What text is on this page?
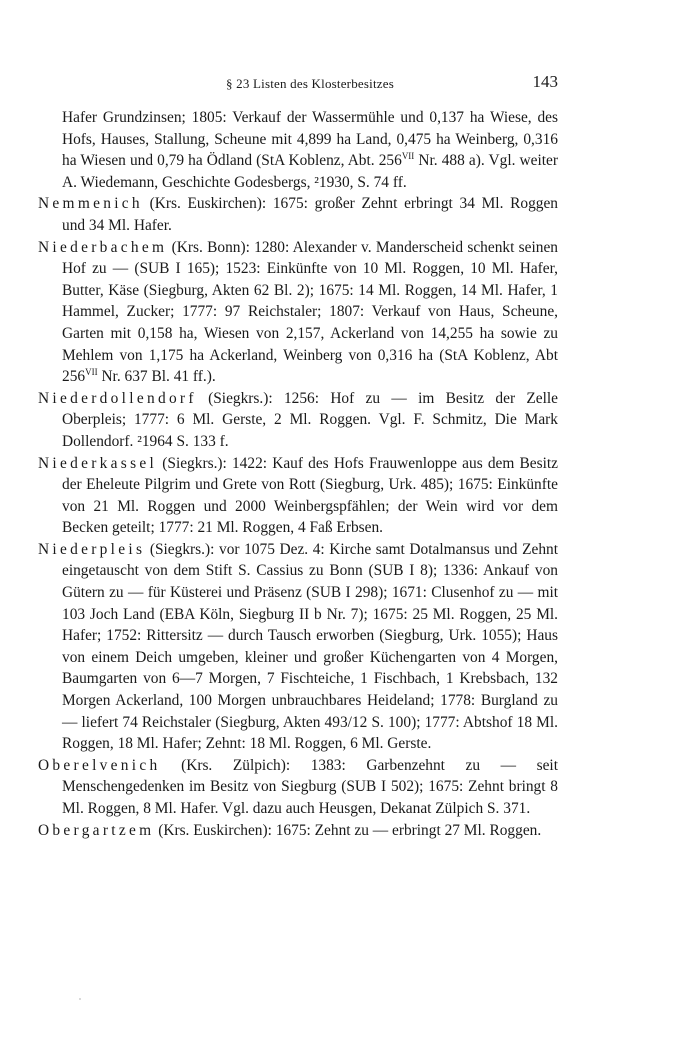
§ 23 Listen des Klosterbesitzes	143

Hafer Grundzinsen; 1805: Verkauf der Wassermühle und 0,137 ha Wiese, des Hofs, Hauses, Stallung, Scheune mit 4,899 ha Land, 0,475 ha Weinberg, 0,316 ha Wiesen und 0,79 ha Ödland (StA Koblenz, Abt. $256^{VII}$ Nr. 488 a). Vgl. weiter A. Wiedemann, Geschichte Godesbergs, ²1930, S. 74 ff.

Nemmenich (Krs. Euskirchen): 1675: großer Zehnt erbringt 34 Ml. Roggen und 34 Ml. Hafer.

Niederbachem (Krs. Bonn): 1280: Alexander v. Manderscheid schenkt seinen Hof zu — (SUB I 165); 1523: Einkünfte von 10 Ml. Roggen, 10 Ml. Hafer, Butter, Käse (Siegburg, Akten 62 Bl. 2); 1675: 14 Ml. Roggen, 14 Ml. Hafer, 1 Hammel, Zucker; 1777: 97 Reichstaler; 1807: Verkauf von Haus, Scheune, Garten mit 0,158 ha, Wiesen von 2,157, Ackerland von 14,255 ha sowie zu Mehlem von 1,175 ha Ackerland, Weinberg von 0,316 ha (StA Koblenz, Abt $256^{VII}$ Nr. 637 Bl. 41 ff.).

Niederdollendorf (Siegkrs.): 1256: Hof zu — im Besitz der Zelle Oberpleis; 1777: 6 Ml. Gerste, 2 Ml. Roggen. Vgl. F. Schmitz, Die Mark Dollendorf. ²1964 S. 133 f.

Niederkassel (Siegkrs.): 1422: Kauf des Hofs Frauwenloppe aus dem Besitz der Eheleute Pilgrim und Grete von Rott (Siegburg, Urk. 485); 1675: Einkünfte von 21 Ml. Roggen und 2000 Weinbergspfählen; der Wein wird vor dem Becken geteilt; 1777: 21 Ml. Roggen, 4 Faß Erbsen.

Niederpleis (Siegkrs.): vor 1075 Dez. 4: Kirche samt Dotalmansus und Zehnt eingetauscht von dem Stift S. Cassius zu Bonn (SUB I 8); 1336: Ankauf von Gütern zu — für Küsterei und Präsenz (SUB I 298); 1671: Clusenhof zu — mit 103 Joch Land (EBA Köln, Siegburg II b Nr. 7); 1675: 25 Ml. Roggen, 25 Ml. Hafer; 1752: Rittersitz — durch Tausch erworben (Siegburg, Urk. 1055); Haus von einem Deich umgeben, kleiner und großer Küchengarten von 4 Morgen, Baumgarten von 6—7 Morgen, 7 Fischteiche, 1 Fischbach, 1 Krebsbach, 132 Morgen Ackerland, 100 Morgen unbrauchbares Heideland; 1778: Burgland zu — liefert 74 Reichstaler (Siegburg, Akten 493/12 S. 100); 1777: Abtshof 18 Ml. Roggen, 18 Ml. Hafer; Zehnt: 18 Ml. Roggen, 6 Ml. Gerste.

Oberelvenich (Krs. Zülpich): 1383: Garbenzehnt zu — seit Menschengedenken im Besitz von Siegburg (SUB I 502); 1675: Zehnt bringt 8 Ml. Roggen, 8 Ml. Hafer. Vgl. dazu auch Heusgen, Dekanat Zülpich S. 371.

Obergartzem (Krs. Euskirchen): 1675: Zehnt zu — erbringt 27 Ml. Roggen.
